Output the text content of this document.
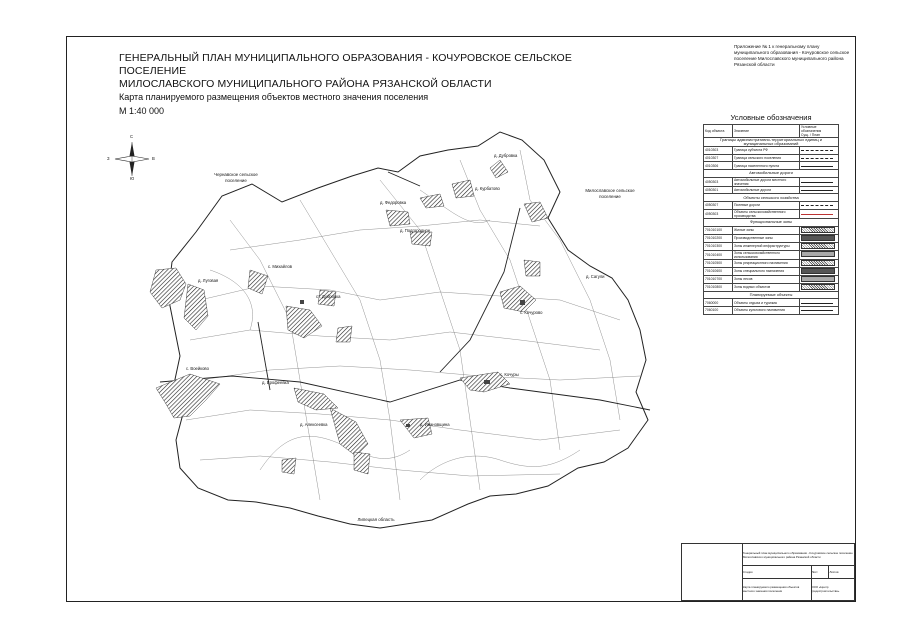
ГЕНЕРАЛЬНЫЙ ПЛАН МУНИЦИПАЛЬНОГО ОБРАЗОВАНИЯ - КОЧУРОВСКОЕ СЕЛЬСКОЕ ПОСЕЛЕНИЕ
МИЛОСЛАВСКОГО МУНИЦИПАЛЬНОГО РАЙОНА РЯЗАНСКОЙ ОБЛАСТИ
Карта планируемого размещения объектов местного значения поселения
М 1:40 000
Приложение № 1 к генеральному плану муниципального образования - Кочуровское сельское поселение Милославского муниципального района Рязанской области
С
Ю
З	В
д. Дубровка
д. Курбатово
д. Федоровка
д. Подгородное
с. Михайлов
д. Луговая
ст. Дубровка
д. Сагули
с. Кочурово
с. Кочуры
д. Ерофеевка
с. Воейково
д. Алексеевка	д. Ивановщина
Чернавское сельское поселение
Милославское сельское поселение
Липецкая область
Условные обозначения
Код объекта	Значение	Условные обозначения
Сущ. / План
Границы административно-территориальных единиц и муниципальных образований		
4010303	Граница субъекта РФ	
4010307	Граница сельского поселения	
4010306	Граница населенного пункта	
Автомобильные дороги		
4050303	Автомобильные дороги местного значения	
4050301	Автомобильные дороги	
Объекты сельского хозяйства		
4050307	Полевые дороги	
4050303	Объекты сельскохозяйственного производства	
Функциональные зоны		
701010100	Жилые зоны	
701010200	Производственные зоны	
701010300	Зоны инженерной инфраструктуры	
701010400	Зоны сельскохозяйственного использования	
701010500	Зоны рекреационного назначения	
701010600	Зоны специального назначения	
701010700	Зоны лесов	
701010800	Зоны водных объектов	
Планируемые объекты		
7060000	Объекты отдыха и туризма	
7060100	Объекты культового назначения	
	Генеральный план муниципального образования - Кочуровское сельское поселение Милославского муниципального района Рязанской области		
	Стадия	Лист	Листов
	Карта планируемого размещения объектов местного значения поселения	ООО «Центр градостроительства»	
